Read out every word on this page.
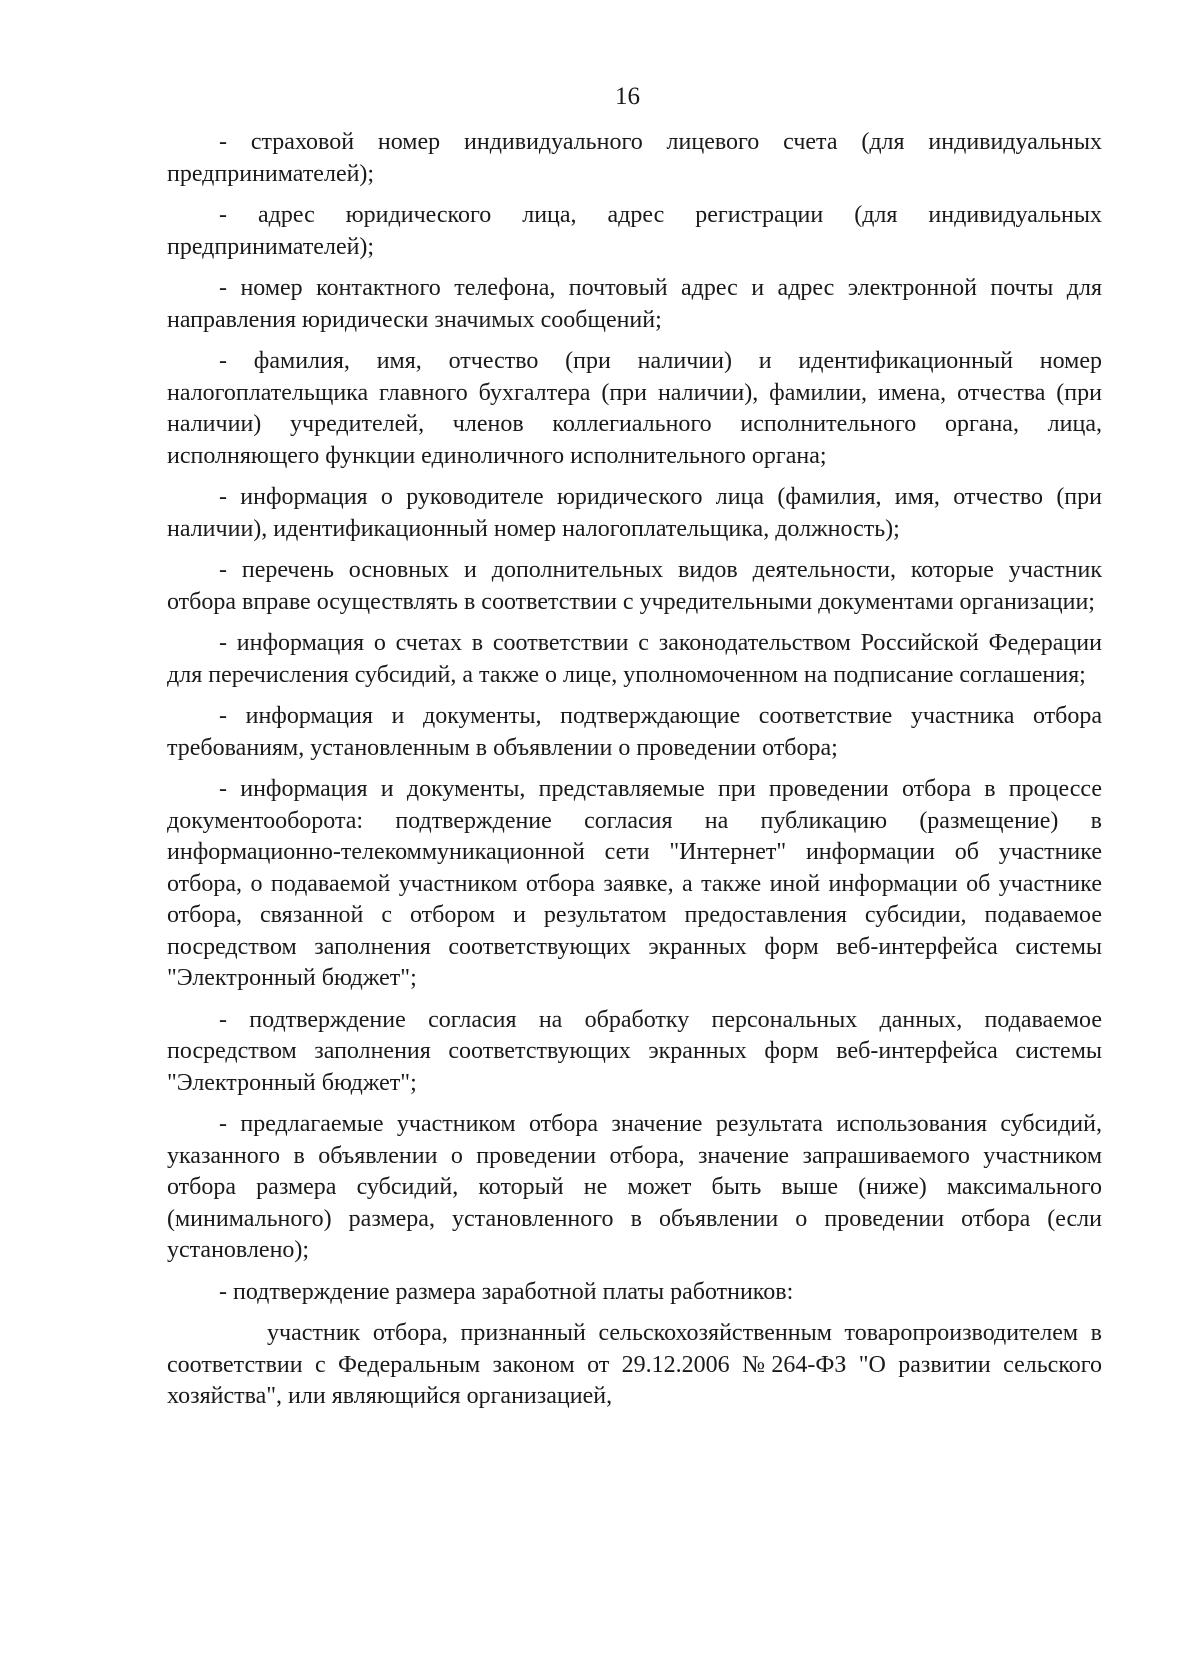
16

- страховой номер индивидуального лицевого счета (для индивидуальных предпринимателей);

- адрес юридического лица, адрес регистрации (для индивидуальных предпринимателей);

- номер контактного телефона, почтовый адрес и адрес электронной почты для направления юридически значимых сообщений;

- фамилия, имя, отчество (при наличии) и идентификационный номер налогоплательщика главного бухгалтера (при наличии), фамилии, имена, отчества (при наличии) учредителей, членов коллегиального исполнительного органа, лица, исполняющего функции единоличного исполнительного органа;

- информация о руководителе юридического лица (фамилия, имя, отчество (при наличии), идентификационный номер налогоплательщика, должность);

- перечень основных и дополнительных видов деятельности, которые участник отбора вправе осуществлять в соответствии с учредительными документами организации;

- информация о счетах в соответствии с законодательством Российской Федерации для перечисления субсидий, а также о лице, уполномоченном на подписание соглашения;

- информация и документы, подтверждающие соответствие участника отбора требованиям, установленным в объявлении о проведении отбора;

- информация и документы, представляемые при проведении отбора в процессе документооборота: подтверждение согласия на публикацию (размещение) в информационно-телекоммуникационной сети "Интернет" информации об участнике отбора, о подаваемой участником отбора заявке, а также иной информации об участнике отбора, связанной с отбором и результатом предоставления субсидии, подаваемое посредством заполнения соответствующих экранных форм веб-интерфейса системы "Электронный бюджет";

- подтверждение согласия на обработку персональных данных, подаваемое посредством заполнения соответствующих экранных форм веб-интерфейса системы "Электронный бюджет";

- предлагаемые участником отбора значение результата использования субсидий, указанного в объявлении о проведении отбора, значение запрашиваемого участником отбора размера субсидий, который не может быть выше (ниже) максимального (минимального) размера, установленного в объявлении о проведении отбора (если установлено);

- подтверждение размера заработной платы работников:

участник отбора, признанный сельскохозяйственным товаропроизводителем в соответствии с Федеральным законом от 29.12.2006 №264-ФЗ "О развитии сельского хозяйства", или являющийся организацией,
